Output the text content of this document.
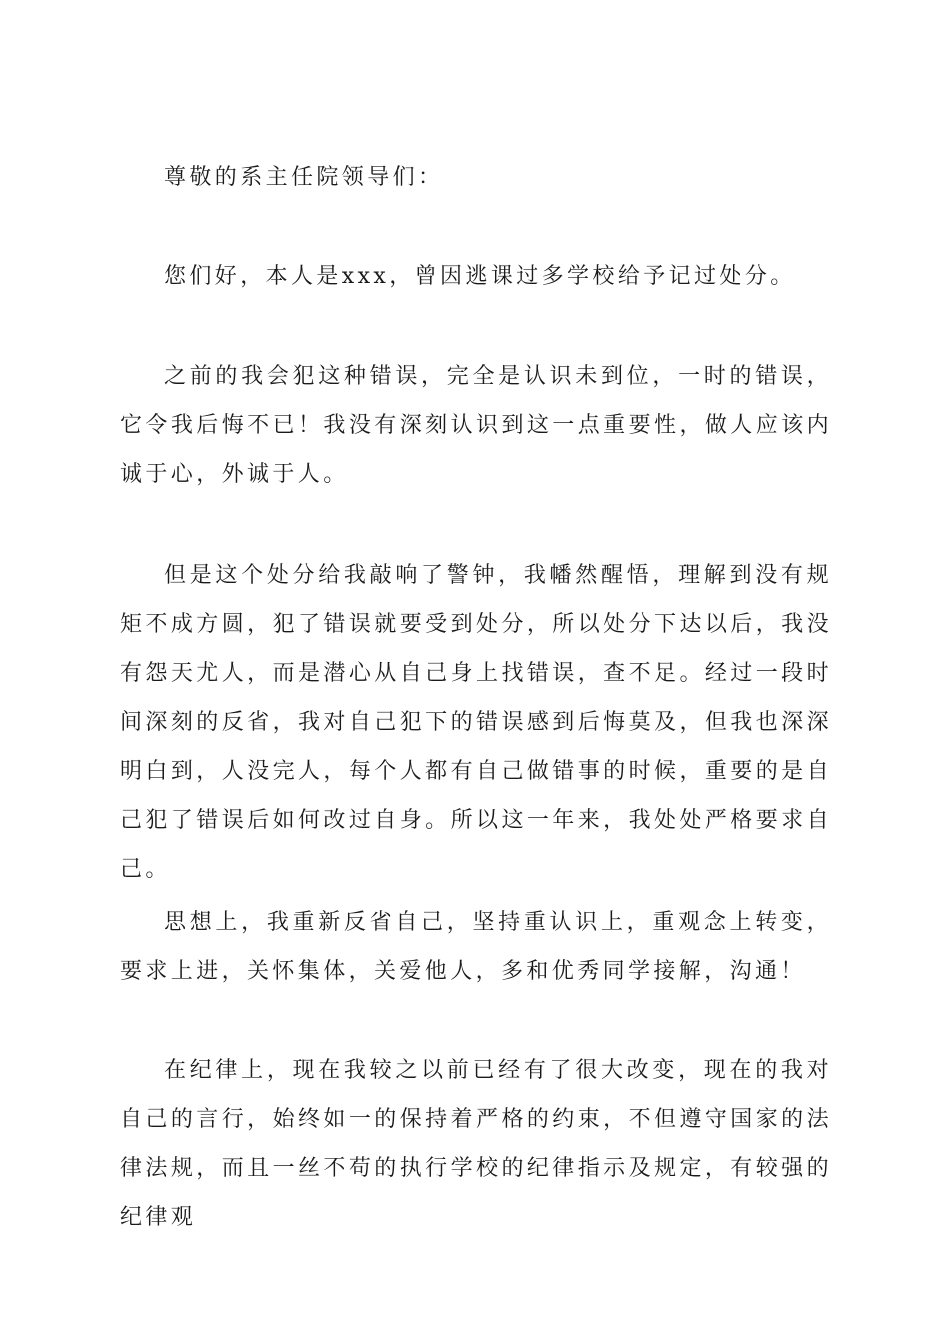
尊敬的系主任院领导们：

您们好，本人是xxx，曾因逃课过多学校给予记过处分。

之前的我会犯这种错误，完全是认识未到位，一时的错误，它令我后悔不已！我没有深刻认识到这一点重要性，做人应该内诚于心，外诚于人。

但是这个处分给我敲响了警钟，我幡然醒悟，理解到没有规矩不成方圆，犯了错误就要受到处分，所以处分下达以后，我没有怨天尤人，而是潜心从自己身上找错误，查不足。经过一段时间深刻的反省，我对自己犯下的错误感到后悔莫及，但我也深深明白到，人没完人，每个人都有自己做错事的时候，重要的是自己犯了错误后如何改过自身。所以这一年来，我处处严格要求自己。

思想上，我重新反省自己，坚持重认识上，重观念上转变，要求上进，关怀集体，关爱他人，多和优秀同学接解，沟通！

在纪律上，现在我较之以前已经有了很大改变，现在的我对自己的言行，始终如一的保持着严格的约束，不但遵守国家的法律法规，而且一丝不苟的执行学校的纪律指示及规定，有较强的纪律观
